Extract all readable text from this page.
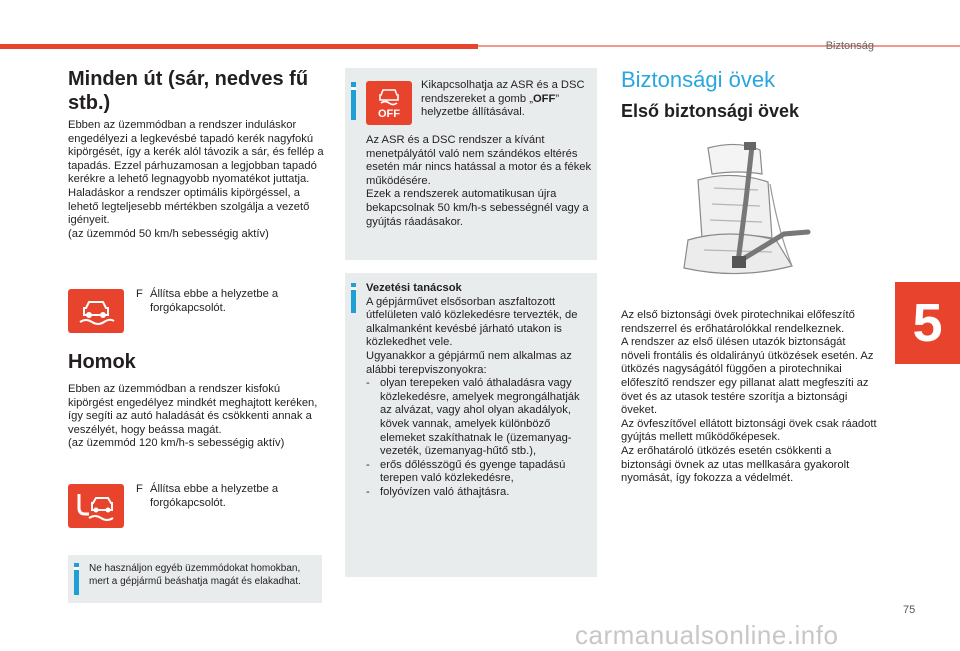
Biztonság
Minden út (sár, nedves fű
stb.)

Ebben az üzemmódban a rendszer induláskor engedélyezi a legkevésbé tapadó kerék nagyfokú kipörgését, így a kerék alól távozik a sár, és fellép a tapadás. Ezzel párhuzamosan a legjobban tapadó kerékre a lehető legnagyobb nyomatékot juttatja.
Haladáskor a rendszer optimális kipörgéssel, a lehető legteljesebb mértékben szolgálja a vezető igényeit.
(az üzemmód 50 km/h sebességig aktív)

F Állítsa ebbe a helyzetbe a forgókapcsolót.
Homok

Ebben az üzemmódban a rendszer kisfokú kipörgést engedélyez mindkét meghajtott keréken, így segíti az autó haladását és csökkenti annak a veszélyét, hogy beássa magát.
(az üzemmód 120 km/h-s sebességig aktív)

F Állítsa ebbe a helyzetbe a forgókapcsolót.
Ne használjon egyéb üzemmódokat homokban, mert a gépjármű beáshatja magát és elakadhat.
OFF
Kikapcsolhatja az ASR és a DSC rendszereket a gomb „OFF” helyzetbe állításával.

Az ASR és a DSC rendszer a kívánt menetpályától való nem szándékos eltérés esetén már nincs hatással a motor és a fékek működésére.
Ezek a rendszerek automatikusan újra bekapcsolnak 50 km/h-s sebességnél vagy a gyújtás ráadásakor.

Vezetési tanácsok
A gépjárművet elsősorban aszfaltozott útfelületen való közlekedésre tervezték, de alkalmanként kevésbé járható utakon is közlekedhet vele.
Ugyanakkor a gépjármű nem alkalmas az alábbi terepviszonyokra:
- olyan terepeken való áthaladásra vagy közlekedésre, amelyek megrongálhatják az alvázat, vagy ahol olyan akadályok, kövek vannak, amelyek különböző elemeket szakíthatnak le (üzemanyag-vezeték, üzemanyag-hűtő stb.),
- erős dőlésszögű és gyenge tapadású terepen való közlekedésre,
- folyóvízen való áthajtásra.
Biztonsági övek
Első biztonsági övek

Az első biztonsági övek pirotechnikai előfeszítő rendszerrel és erőhatárolókkal rendelkeznek.
A rendszer az első ülésen utazók biztonságát növeli frontális és oldalirányú ütközések esetén. Az ütközés nagyságától függően a pirotechnikai előfeszítő rendszer egy pillanat alatt megfeszíti az övet és az utasok testére szorítja a biztonsági öveket.
Az övfeszítővel ellátott biztonsági övek csak ráadott gyújtás mellett működőképesek.
Az erőhatároló ütközés esetén csökkenti a biztonsági övnek az utas mellkasára gyakorolt nyomását, így fokozza a védelmét.

5
75
carmanualsonline.info
